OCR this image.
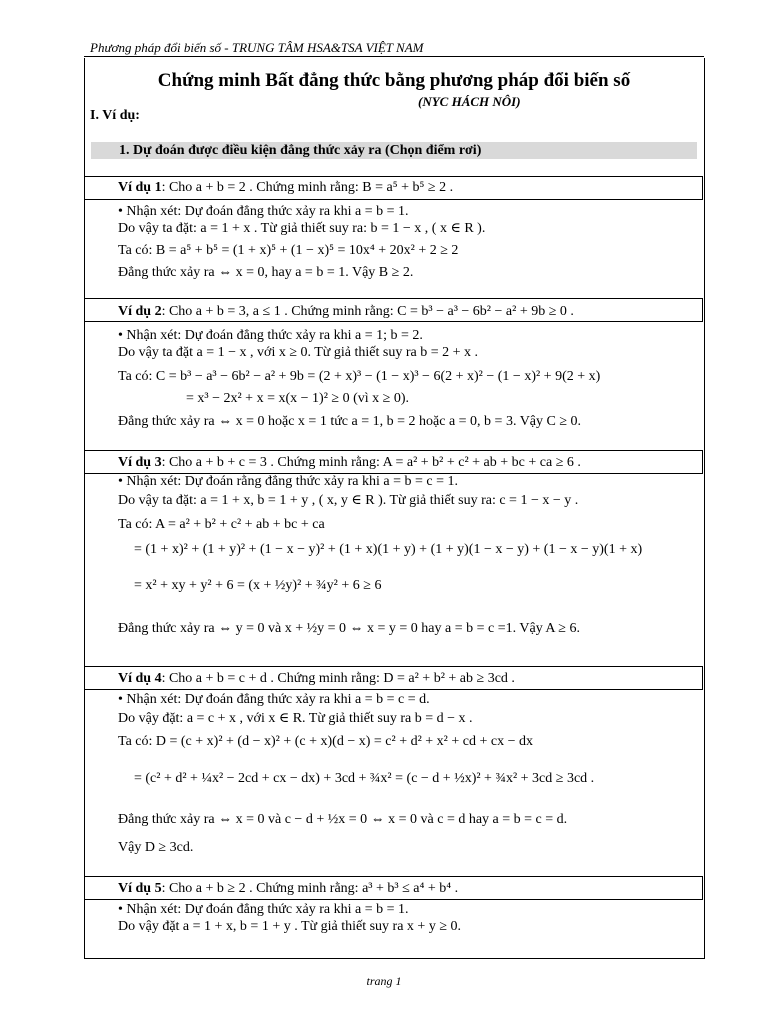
Phương pháp đổi biến số - TRUNG TÂM HSA&TSA VIỆT NAM
Chứng minh Bất đẳng thức bằng phương pháp đổi biến số
(NYC HÁCH NÔI)
I. Ví dụ:
1. Dự đoán được điều kiện đẳng thức xảy ra (Chọn điểm rơi)
Ví dụ 1: Cho a + b = 2 . Chứng minh rằng: B = a⁵ + b⁵ ≥ 2 .
• Nhận xét: Dự đoán đẳng thức xảy ra khi a = b = 1.
Do vậy ta đặt: a = 1 + x . Từ giả thiết suy ra: b = 1 − x , ( x ∈ R ).
Ta có: B = a⁵ + b⁵ = (1 + x)⁵ + (1 − x)⁵ = 10x⁴ + 20x² + 2 ≥ 2
Đẳng thức xảy ra ⇔ x = 0, hay a = b = 1. Vậy B ≥ 2.
Ví dụ 2: Cho a + b = 3, a ≤ 1 . Chứng minh rằng: C = b³ − a³ − 6b² − a² + 9b ≥ 0 .
• Nhận xét: Dự đoán đẳng thức xảy ra khi a = 1; b = 2.
Do vậy ta đặt a = 1 − x , với x ≥ 0. Từ giả thiết suy ra b = 2 + x .
Ta có: C = b³ − a³ − 6b² − a² + 9b = (2 + x)³ − (1 − x)³ − 6(2 + x)² − (1 − x)² + 9(2 + x)
= x³ − 2x² + x = x(x − 1)² ≥ 0 (vì x ≥ 0).
Đẳng thức xảy ra ⇔ x = 0 hoặc x = 1 tức a = 1, b = 2 hoặc a = 0, b = 3. Vậy C ≥ 0.
Ví dụ 3: Cho a + b + c = 3 . Chứng minh rằng: A = a² + b² + c² + ab + bc + ca ≥ 6 .
• Nhận xét: Dự đoán rằng đẳng thức xảy ra khi a = b = c = 1.
Do vậy ta đặt: a = 1 + x, b = 1 + y , ( x, y ∈ R ). Từ giả thiết suy ra: c = 1 − x − y .
Ta có: A = a² + b² + c² + ab + bc + ca
= (1 + x)² + (1 + y)² + (1 − x − y)² + (1 + x)(1 + y) + (1 + y)(1 − x − y) + (1 − x − y)(1 + x)
= x² + xy + y² + 6 = (x + ½y)² + ¾y² + 6 ≥ 6
Đẳng thức xảy ra ⇔ y = 0 và x + ½y = 0 ⇔ x = y = 0 hay a = b = c =1. Vậy A ≥ 6.
Ví dụ 4: Cho a + b = c + d . Chứng minh rằng: D = a² + b² + ab ≥ 3cd .
• Nhận xét: Dự đoán đẳng thức xảy ra khi a = b = c = d.
Do vậy đặt: a = c + x , với x ∈ R. Từ giả thiết suy ra b = d − x .
Ta có: D = (c + x)² + (d − x)² + (c + x)(d − x) = c² + d² + x² + cd + cx − dx
= (c² + d² + ¼x² − 2cd + cx − dx) + 3cd + ¾x² = (c − d + ½x)² + ¾x² + 3cd ≥ 3cd .
Đẳng thức xảy ra ⇔ x = 0 và c − d + ½x = 0 ⇔ x = 0 và c = d hay a = b = c = d.
Vậy D ≥ 3cd.
Ví dụ 5: Cho a + b ≥ 2 . Chứng minh rằng: a³ + b³ ≤ a⁴ + b⁴ .
• Nhận xét: Dự đoán đẳng thức xảy ra khi a = b = 1.
Do vậy đặt a = 1 + x, b = 1 + y . Từ giả thiết suy ra x + y ≥ 0.
trang 1
